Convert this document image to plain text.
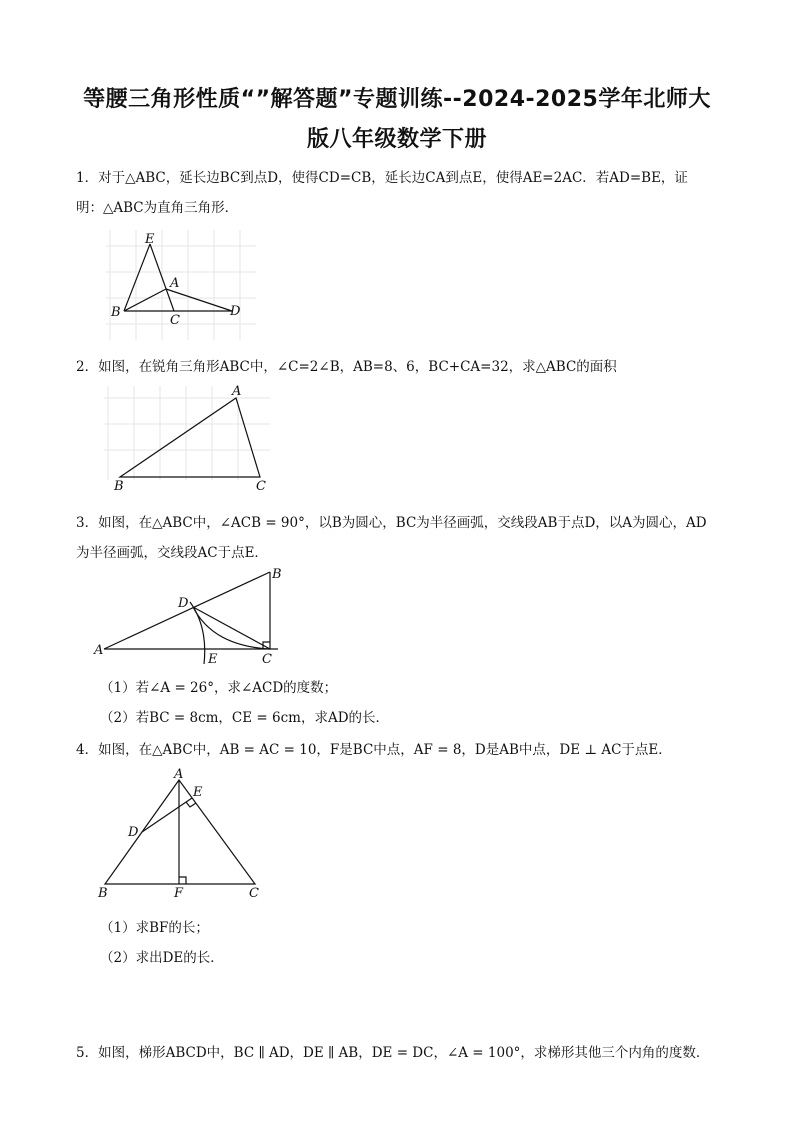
等腰三角形性质“”解答题”专题训练--2024-2025学年北师大
版八年级数学下册
1．对于△ABC，延长边BC到点D，使得CD=CB，延长边CA到点E，使得AE=2AC．若AD=BE，证
明：△ABC为直角三角形．
E
A
B
C
D
2．如图，在锐角三角形ABC中，∠C=2∠B，AB=8、6，BC+CA=32，求△ABC的面积
A
B	C
3．如图，在△ABC中，∠ACB = 90°，以B为圆心，BC为半径画弧，交线段AB于点D，以A为圆心，AD
为半径画弧，交线段AC于点E．
A
B
C
D
E
（1）若∠A = 26°，求∠ACD的度数；
（2）若BC = 8cm，CE = 6cm，求AD的长．
4．如图，在△ABC中，AB = AC = 10，F是BC中点，AF = 8，D是AB中点，DE ⊥ AC于点E．
A
B	C
D
E
F
（1）求BF的长；
（2）求出DE的长．
5．如图，梯形ABCD中，BC ∥ AD，DE ∥ AB，DE = DC，∠A = 100°，求梯形其他三个内角的度数．
